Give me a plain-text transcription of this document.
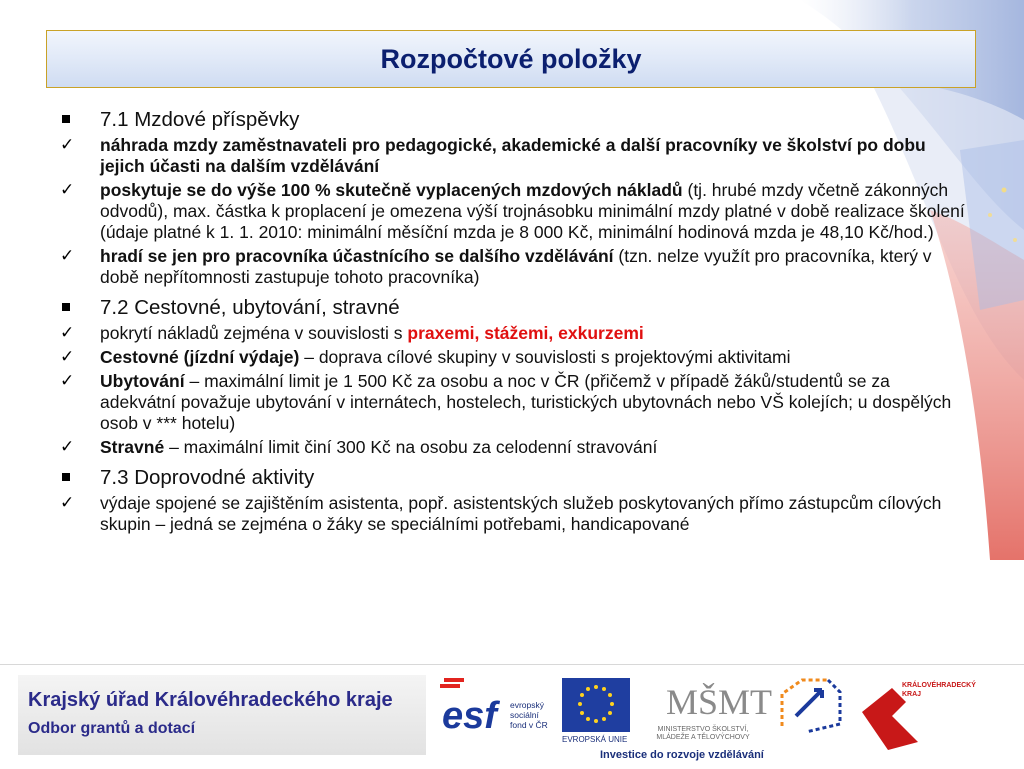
Rozpočtové položky
7.1 Mzdové příspěvky
✓ náhrada mzdy zaměstnavateli pro pedagogické, akademické a další pracovníky ve školství po dobu jejich účasti na dalším vzdělávání
✓ poskytuje se do výše 100 % skutečně vyplacených mzdových nákladů (tj. hrubé mzdy včetně zákonných odvodů), max. částka k proplacení je omezena výší trojnásobku minimální mzdy platné v době realizace školení (údaje platné k 1. 1. 2010: minimální měsíční mzda je 8 000 Kč, minimální hodinová mzda je 48,10 Kč/hod.)
✓ hradí se jen pro pracovníka účastnícího se dalšího vzdělávání (tzn. nelze využít pro pracovníka, který v době nepřítomnosti zastupuje tohoto pracovníka)
7.2 Cestovné, ubytování, stravné
✓ pokrytí nákladů zejména v souvislosti s praxemi, stážemi, exkurzemi
✓ Cestovné (jízdní výdaje) – doprava cílové skupiny v souvislosti s projektovými aktivitami
✓ Ubytování – maximální limit je 1 500 Kč za osobu a noc v ČR (přičemž v případě žáků/studentů se za adekvátní považuje ubytování v internátech, hostelech, turistických ubytovnách nebo VŠ kolejích; u dospělých osob v *** hotelu)
✓ Stravné – maximální limit činí 300 Kč na osobu za celodenní stravování
7.3 Doprovodné aktivity
✓ výdaje spojené se zajištěním asistenta, popř. asistentských služeb poskytovaných přímo zástupcům cílových skupin – jedná se zejména o žáky se speciálními potřebami, handicapované
Krajský úřad Královéhradeckého kraje
Odbor grantů a dotací	esf	evropský
sociální
fond v ČR
EVROPSKÁ UNIE
MŠMT
MINISTERSTVO ŠKOLSTVÍ,
MLÁDEŽE A TĚLOVÝCHOVY
KRÁLOVÉHRADECKÝ
KRAJ
Investice do rozvoje vzdělávání
